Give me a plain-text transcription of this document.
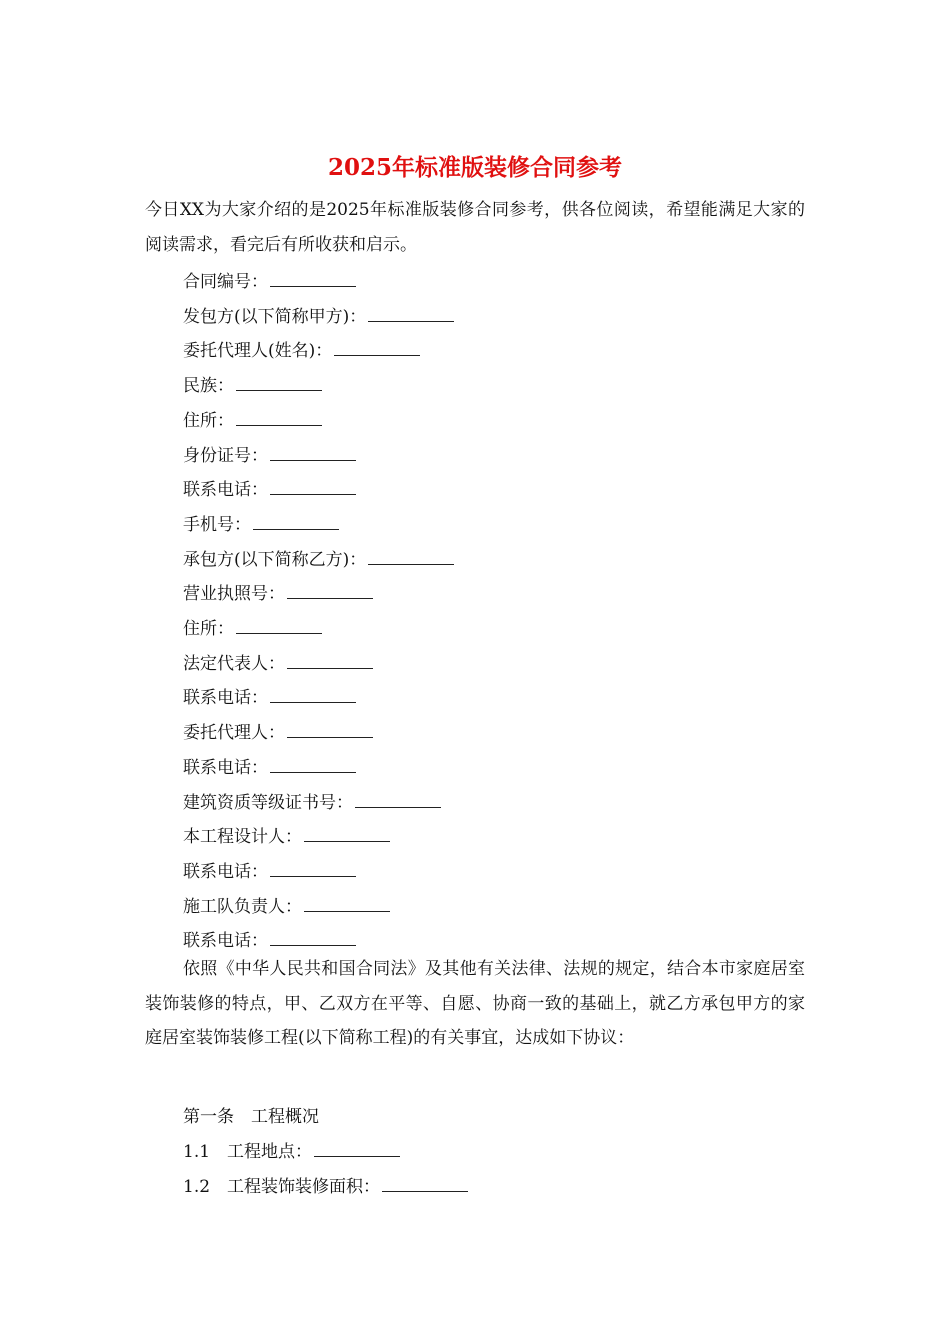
2025年标准版装修合同参考

今日XX为大家介绍的是2025年标准版装修合同参考，供各位阅读，希望能满足大家的阅读需求，看完后有所收获和启示。

合同编号：
发包方(以下简称甲方)：
委托代理人(姓名)：
民族：
住所：
身份证号：
联系电话：
手机号：
承包方(以下简称乙方)：
营业执照号：
住所：
法定代表人：
联系电话：
委托代理人：
联系电话：
建筑资质等级证书号：
本工程设计人：
联系电话：
施工队负责人：
联系电话：

依照《中华人民共和国合同法》及其他有关法律、法规的规定，结合本市家庭居室装饰装修的特点，甲、乙双方在平等、自愿、协商一致的基础上，就乙方承包甲方的家庭居室装饰装修工程(以下简称工程)的有关事宜，达成如下协议：

第一条 工程概况
1.1 工程地点：
1.2 工程装饰装修面积：
